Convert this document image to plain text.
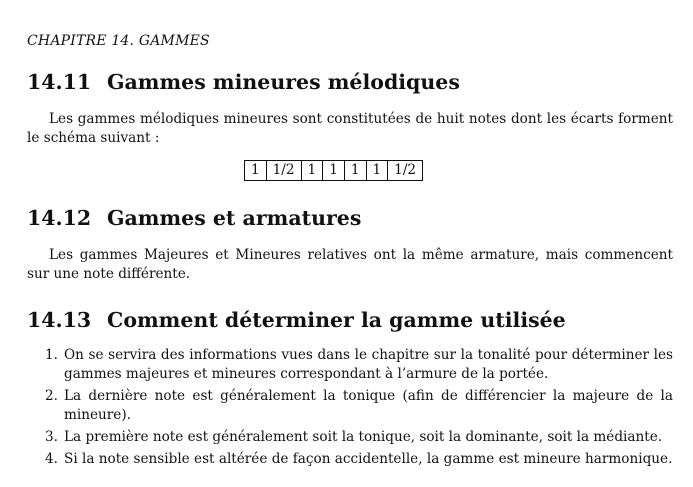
CHAPITRE 14. GAMMES
14.11 Gammes mineures mélodiques
Les gammes mélodiques mineures sont constitutées de huit notes dont les écarts forment le schéma suivant :
1	1/2	1	1	1	1	1/2
14.12 Gammes et armatures
Les gammes Majeures et Mineures relatives ont la même armature, mais commencent sur une note différente.
14.13 Comment déterminer la gamme utilisée
1. On se servira des informations vues dans le chapitre sur la tonalité pour déterminer les gammes majeures et mineures correspondant à l’armure de la portée.
2. La dernière note est généralement la tonique (afin de différencier la majeure de la mineure).
3. La première note est généralement soit la tonique, soit la dominante, soit la médiante.
4. Si la note sensible est altérée de façon accidentelle, la gamme est mineure harmonique.
